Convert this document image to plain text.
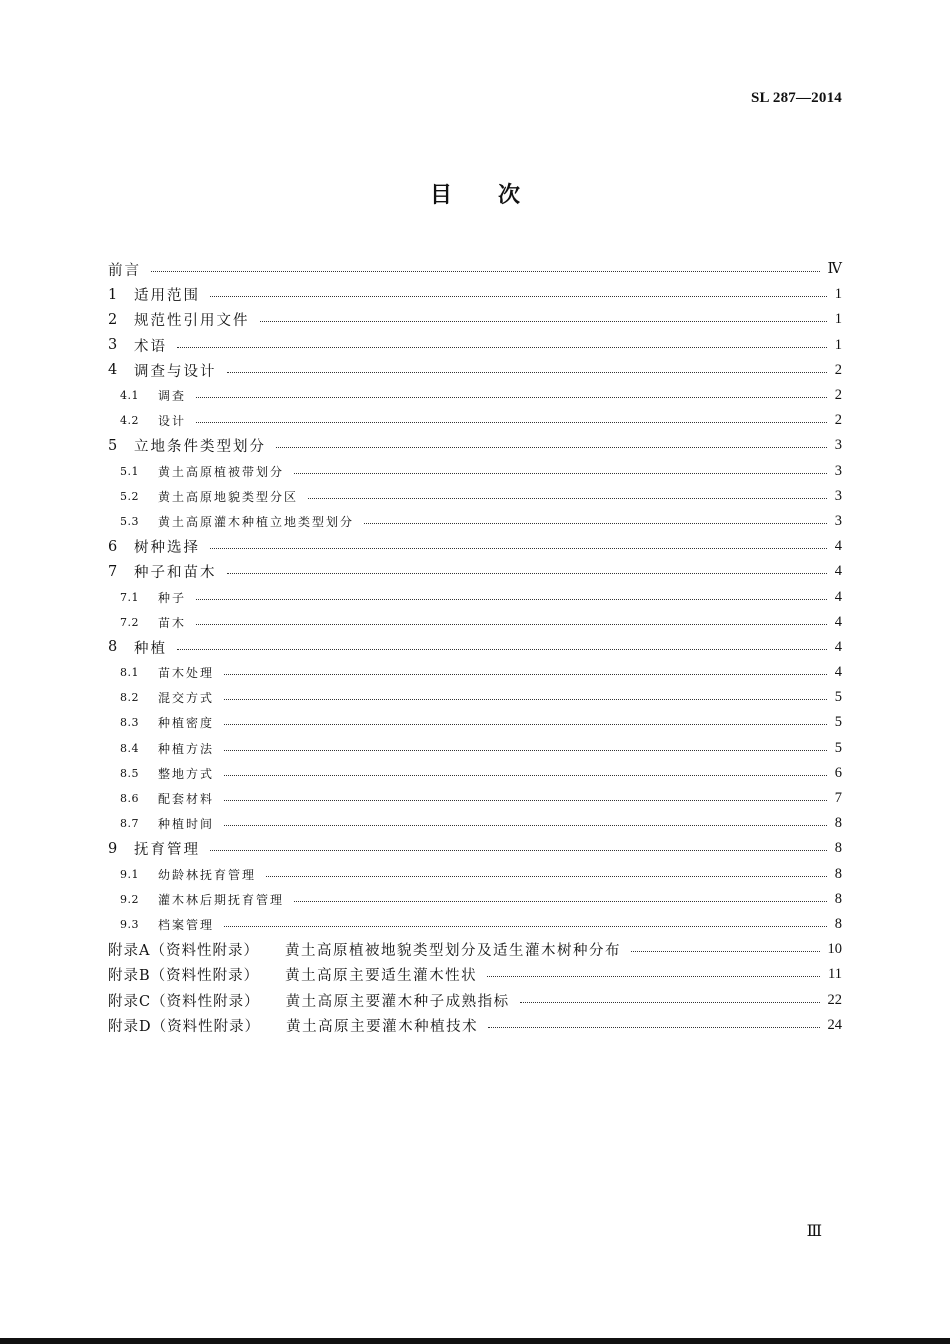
SL 287—2014
目次
前言	Ⅳ
1	适用范围	1
2	规范性引用文件	1
3	术语	1
4	调查与设计	2
4.1	调查	2
4.2	设计	2
5	立地条件类型划分	3
5.1	黄土高原植被带划分	3
5.2	黄土高原地貌类型分区	3
5.3	黄土高原灌木种植立地类型划分	3
6	树种选择	4
7	种子和苗木	4
7.1	种子	4
7.2	苗木	4
8	种植	4
8.1	苗木处理	4
8.2	混交方式	5
8.3	种植密度	5
8.4	种植方法	5
8.5	整地方式	6
8.6	配套材料	7
8.7	种植时间	8
9	抚育管理	8
9.1	幼龄林抚育管理	8
9.2	灌木林后期抚育管理	8
9.3	档案管理	8
附录A（资料性附录） 黄土高原植被地貌类型划分及适生灌木树种分布	10
附录B（资料性附录） 黄土高原主要适生灌木性状	11
附录C（资料性附录） 黄土高原主要灌木种子成熟指标	22
附录D（资料性附录） 黄土高原主要灌木种植技术	24
Ⅲ
